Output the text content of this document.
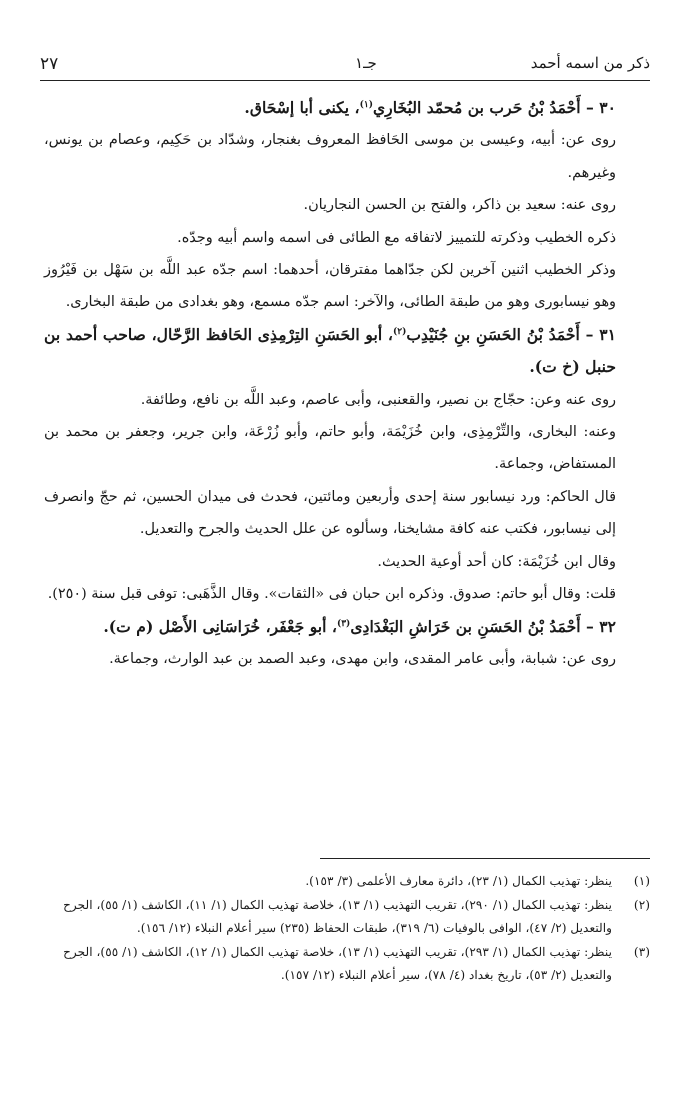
٢٧	جـ١	ذكر من اسمه أحمد

٣٠ – أَحْمَدُ بْنُ حَرب بن مُحمّد البُخَارِي$^{(١)}$، يكنى أبا إسْحَاق.

روى عن: أبيه، وعيسى بن موسى الحَافظ المعروف بغنجار، وشدّاد بن حَكِيم، وعصام بن يونس، وغيرهم.

روى عنه: سعيد بن ذاكر، والفتح بن الحسن النجاريان.

ذكره الخطيب وذكرته للتمييز لاتفاقه مع الطائى فى اسمه واسم أبيه وجدّه.

وذكر الخطيب اثنين آخرين لكن جدّاهما مفترقان، أحدهما: اسم جدّه عبد اللَّه بن سَهْل بن فَيْرُوز وهو نيسابورى وهو من طبقة الطائى، والآخر: اسم جدّه مسمع، وهو بغدادى من طبقة البخارى.

٣١ – أَحْمَدُ بْنُ الحَسَنِ بنِ جُنَيْدِب$^{(٢)}$، أبو الحَسَنِ التِرْمِذِى الحَافظ الرَّحّال، صاحب أحمد بن حنبل (خ ت).

روى عنه وعن: حجّاج بن نصير، والقعنبى، وأبى عاصم، وعبد اللَّه بن نافع، وطائفة.

وعنه: البخارى، والتِّرْمِذِى، وابن خُزَيْمَة، وأبو حاتم، وأبو زُرْعَة، وابن جرير، وجعفر بن محمد بن المستفاض، وجماعة.

قال الحاكم: ورد نيسابور سنة إحدى وأربعين ومائتين، فحدث فى ميدان الحسين، ثم حجّ وانصرف إلى نيسابور، فكتب عنه كافة مشايخنا، وسألوه عن علل الحديث والجرح والتعديل.

وقال ابن خُزَيْمَة: كان أحد أوعية الحديث.

قلت: وقال أبو حاتم: صدوق. وذكره ابن حبان فى «الثقات». وقال الذَّهَبى: توفى قبل سنة (٢٥٠).

٣٢ – أَحْمَدُ بْنُ الحَسَنِ بن خَرَاشِ البَغْدَادِى$^{(٣)}$، أبو جَعْفَر، خُرَاسَانِى الأَصْل (م ت).

روى عن: شبابة، وأبى عامر المقدى، وابن مهدى، وعبد الصمد بن عبد الوارث، وجماعة.

(١)
ينظر: تهذيب الكمال (١/ ٢٣)، دائرة معارف الأعلمى (٣/ ١٥٣).

(٢)
ينظر: تهذيب الكمال (١/ ٢٩٠)، تقريب التهذيب (١/ ١٣)، خلاصة تهذيب الكمال (١/ ١١)، الكاشف (١/ ٥٥)، الجرح والتعديل (٢/ ٤٧)، الوافى بالوفيات (٦/ ٣١٩)، طبقات الحفاظ (٢٣٥) سير أعلام النبلاء (١٢/ ١٥٦).

(٣)
ينظر: تهذيب الكمال (١/ ٢٩٣)، تقريب التهذيب (١/ ١٣)، خلاصة تهذيب الكمال (١/ ١٢)، الكاشف (١/ ٥٥)، الجرح والتعديل (٢/ ٥٣)، تاريخ بغداد (٤/ ٧٨)، سير أعلام النبلاء (١٢/ ١٥٧).
